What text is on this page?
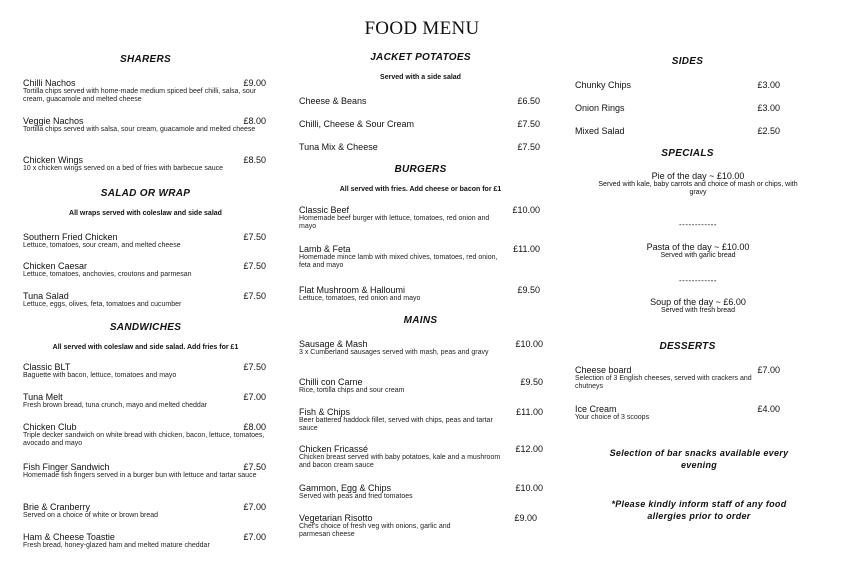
FOOD MENU
SHARERS
Chilli Nachos	£9.00
Tortilla chips served with home-made medium spiced beef chilli, salsa, sour cream, guacamole and melted cheese
Veggie Nachos	£8.00
Tortilla chips served with salsa, sour cream, guacamole and melted cheese
Chicken Wings	£8.50
10 x chicken wings served on a bed of fries with barbecue sauce
SALAD OR WRAP
All wraps served with coleslaw and side salad
Southern Fried Chicken	£7.50
Lettuce, tomatoes, sour cream, and melted cheese
Chicken Caesar	£7.50
Lettuce, tomatoes, anchovies, croutons and parmesan
Tuna Salad	£7.50
Lettuce, eggs, olives, feta, tomatoes and cucumber
SANDWICHES
All served with coleslaw and side salad. Add fries for £1
Classic BLT	£7.50
Baguette with bacon, lettuce, tomatoes and mayo
Tuna Melt	£7.00
Fresh brown bread, tuna crunch, mayo and melted cheddar
Chicken Club	£8.00
Triple decker sandwich on white bread with chicken, bacon, lettuce, tomatoes, avocado and mayo
Fish Finger Sandwich	£7.50
Homemade fish fingers served in a burger bun with lettuce and tartar sauce
Brie & Cranberry	£7.00
Served on a choice of white or brown bread
Ham & Cheese Toastie	£7.00
Fresh bread, honey-glazed ham and melted mature cheddar
JACKET POTATOES
Served with a side salad
Cheese & Beans	£6.50
Chilli, Cheese & Sour Cream	£7.50
Tuna Mix & Cheese	£7.50
BURGERS
All served with fries. Add cheese or bacon for £1
Classic Beef	£10.00
Homemade beef burger with lettuce, tomatoes, red onion and mayo
Lamb & Feta	£11.00
Homemade mince lamb with mixed chives, tomatoes, red onion, feta and mayo
Flat Mushroom & Halloumi	£9.50
Lettuce, tomatoes, red onion and mayo
MAINS
Sausage & Mash	£10.00
3 x Cumberland sausages served with mash, peas and gravy
Chilli con Carne	£9.50
Rice, tortilla chips and sour cream
Fish & Chips	£11.00
Beer battered haddock fillet, served with chips, peas and tartar sauce
Chicken Fricassé	£12.00
Chicken breast served with baby potatoes, kale and a mushroom and bacon cream sauce
Gammon, Egg & Chips	£10.00
Served with peas and fried tomatoes
Vegetarian Risotto	£9.00
Chef's choice of fresh veg with onions, garlic and parmesan cheese
SIDES
Chunky Chips	£3.00
Onion Rings	£3.00
Mixed Salad	£2.50
SPECIALS
Pie of the day ~ £10.00
Served with kale, baby carrots and choice of mash or chips, with gravy
------------
Pasta of the day ~ £10.00
Served with garlic bread
------------
Soup of the day ~ £6.00
Served with fresh bread
DESSERTS
Cheese board	£7.00
Selection of 3 English cheeses, served with crackers and chutneys
Ice Cream	£4.00
Your choice of 3 scoops
Selection of bar snacks available every evening
*Please kindly inform staff of any food allergies prior to order
